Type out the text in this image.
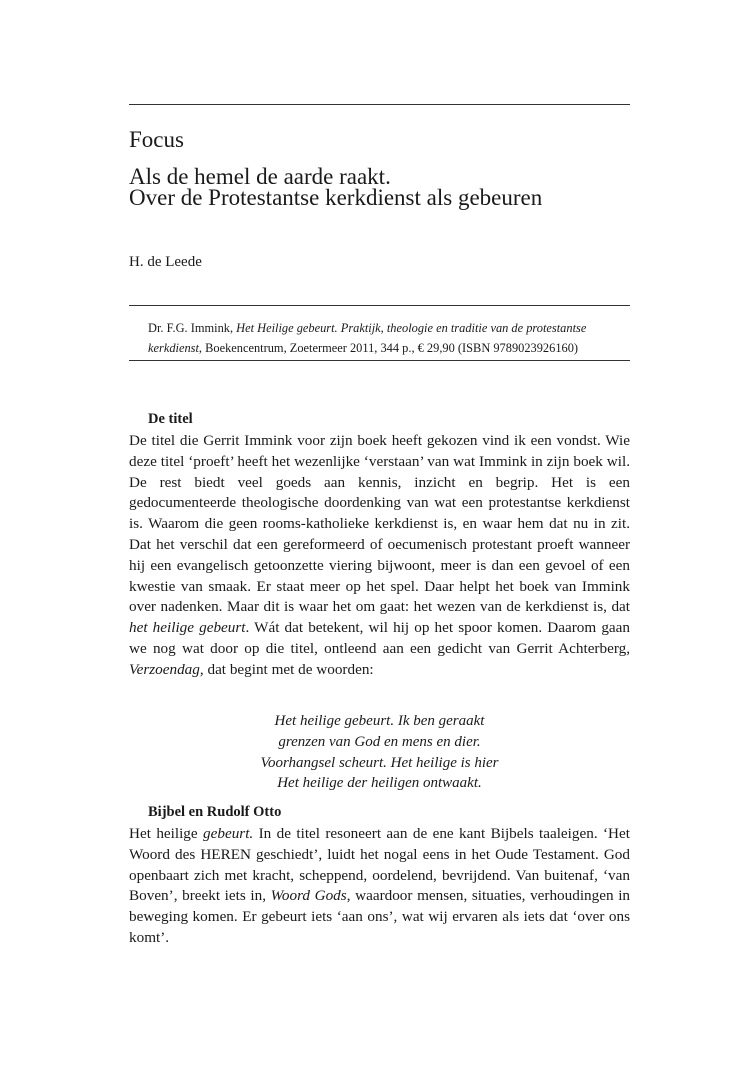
Focus
Als de hemel de aarde raakt.
Over de Protestantse kerkdienst als gebeuren
H. de Leede
Dr. F.G. Immink, Het Heilige gebeurt. Praktijk, theologie en traditie van de protestantse kerkdienst, Boekencentrum, Zoetermeer 2011, 344 p., € 29,90 (ISBN 9789023926160)
De titel
De titel die Gerrit Immink voor zijn boek heeft gekozen vind ik een vondst. Wie deze titel ‘proeft’ heeft het wezenlijke ‘verstaan’ van wat Immink in zijn boek wil. De rest biedt veel goeds aan kennis, inzicht en begrip. Het is een gedocumenteerde theologische doordenking van wat een protestantse kerkdienst is. Waarom die geen rooms-katholieke kerkdienst is, en waar hem dat nu in zit. Dat het verschil dat een gereformeerd of oecumenisch protestant proeft wanneer hij een evangelisch getoonzette viering bijwoont, meer is dan een gevoel of een kwestie van smaak. Er staat meer op het spel. Daar helpt het boek van Immink over nadenken. Maar dit is waar het om gaat: het wezen van de kerkdienst is, dat het heilige gebeurt. Wát dat betekent, wil hij op het spoor komen. Daarom gaan we nog wat door op die titel, ontleend aan een gedicht van Gerrit Achterberg, Verzoendag, dat begint met de woorden:
Het heilige gebeurt. Ik ben geraakt
grenzen van God en mens en dier.
Voorhangsel scheurt. Het heilige is hier
Het heilige der heiligen ontwaakt.
Bijbel en Rudolf Otto
Het heilige gebeurt. In de titel resoneert aan de ene kant Bijbels taaleigen. ‘Het Woord des HEREN geschiedt’, luidt het nogal eens in het Oude Testament. God openbaart zich met kracht, scheppend, oordelend, bevrijdend. Van buitenaf, ‘van Boven’, breekt iets in, Woord Gods, waardoor mensen, situaties, verhoudingen in beweging komen. Er gebeurt iets ‘aan ons’, wat wij ervaren als iets dat ‘over ons komt’.
